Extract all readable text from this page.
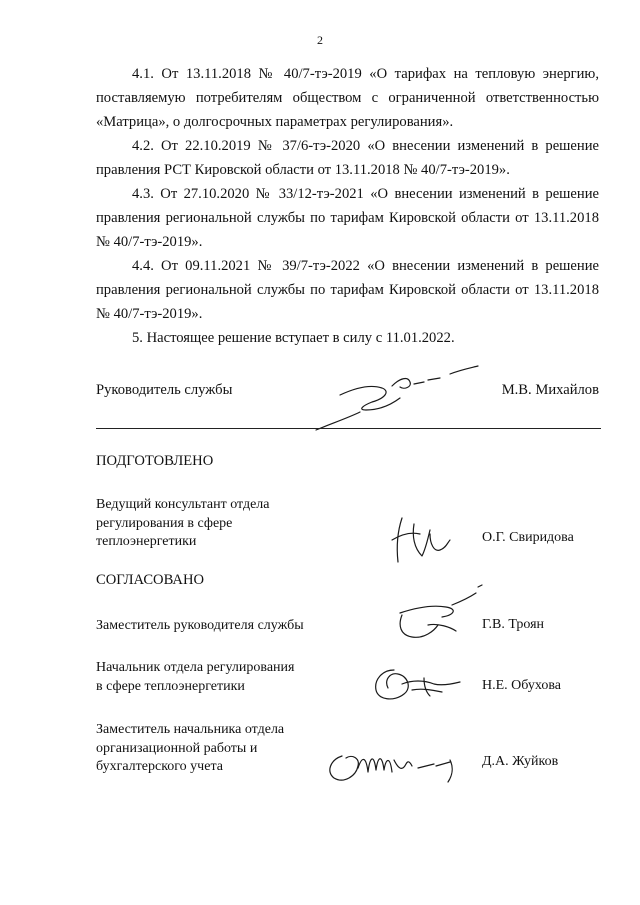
2

4.1. От 13.11.2018 № 40/7-тэ-2019 «О тарифах на тепловую энергию, поставляемую потребителям обществом с ограниченной ответственностью «Матрица», о долгосрочных параметрах регулирования».

4.2. От 22.10.2019 № 37/6-тэ-2020 «О внесении изменений в решение правления РСТ Кировской области от 13.11.2018 № 40/7-тэ-2019».

4.3. От 27.10.2020 № 33/12-тэ-2021 «О внесении изменений в решение правления региональной службы по тарифам Кировской области от 13.11.2018 № 40/7-тэ-2019».

4.4. От 09.11.2021 № 39/7-тэ-2022 «О внесении изменений в решение правления региональной службы по тарифам Кировской области от 13.11.2018 № 40/7-тэ-2019».

5. Настоящее решение вступает в силу с 11.01.2022.

Руководитель службы	М.В. Михайлов
ПОДГОТОВЛЕНО
Ведущий консультант отдела
регулирования в сфере
теплоэнергетики	О.Г. Свиридова
СОГЛАСОВАНО
Заместитель руководителя службы	Г.В. Троян
Начальник отдела регулирования
в сфере теплоэнергетики	Н.Е. Обухова
Заместитель начальника отдела
организационной работы и
бухгалтерского учета	Д.А. Жуйков
